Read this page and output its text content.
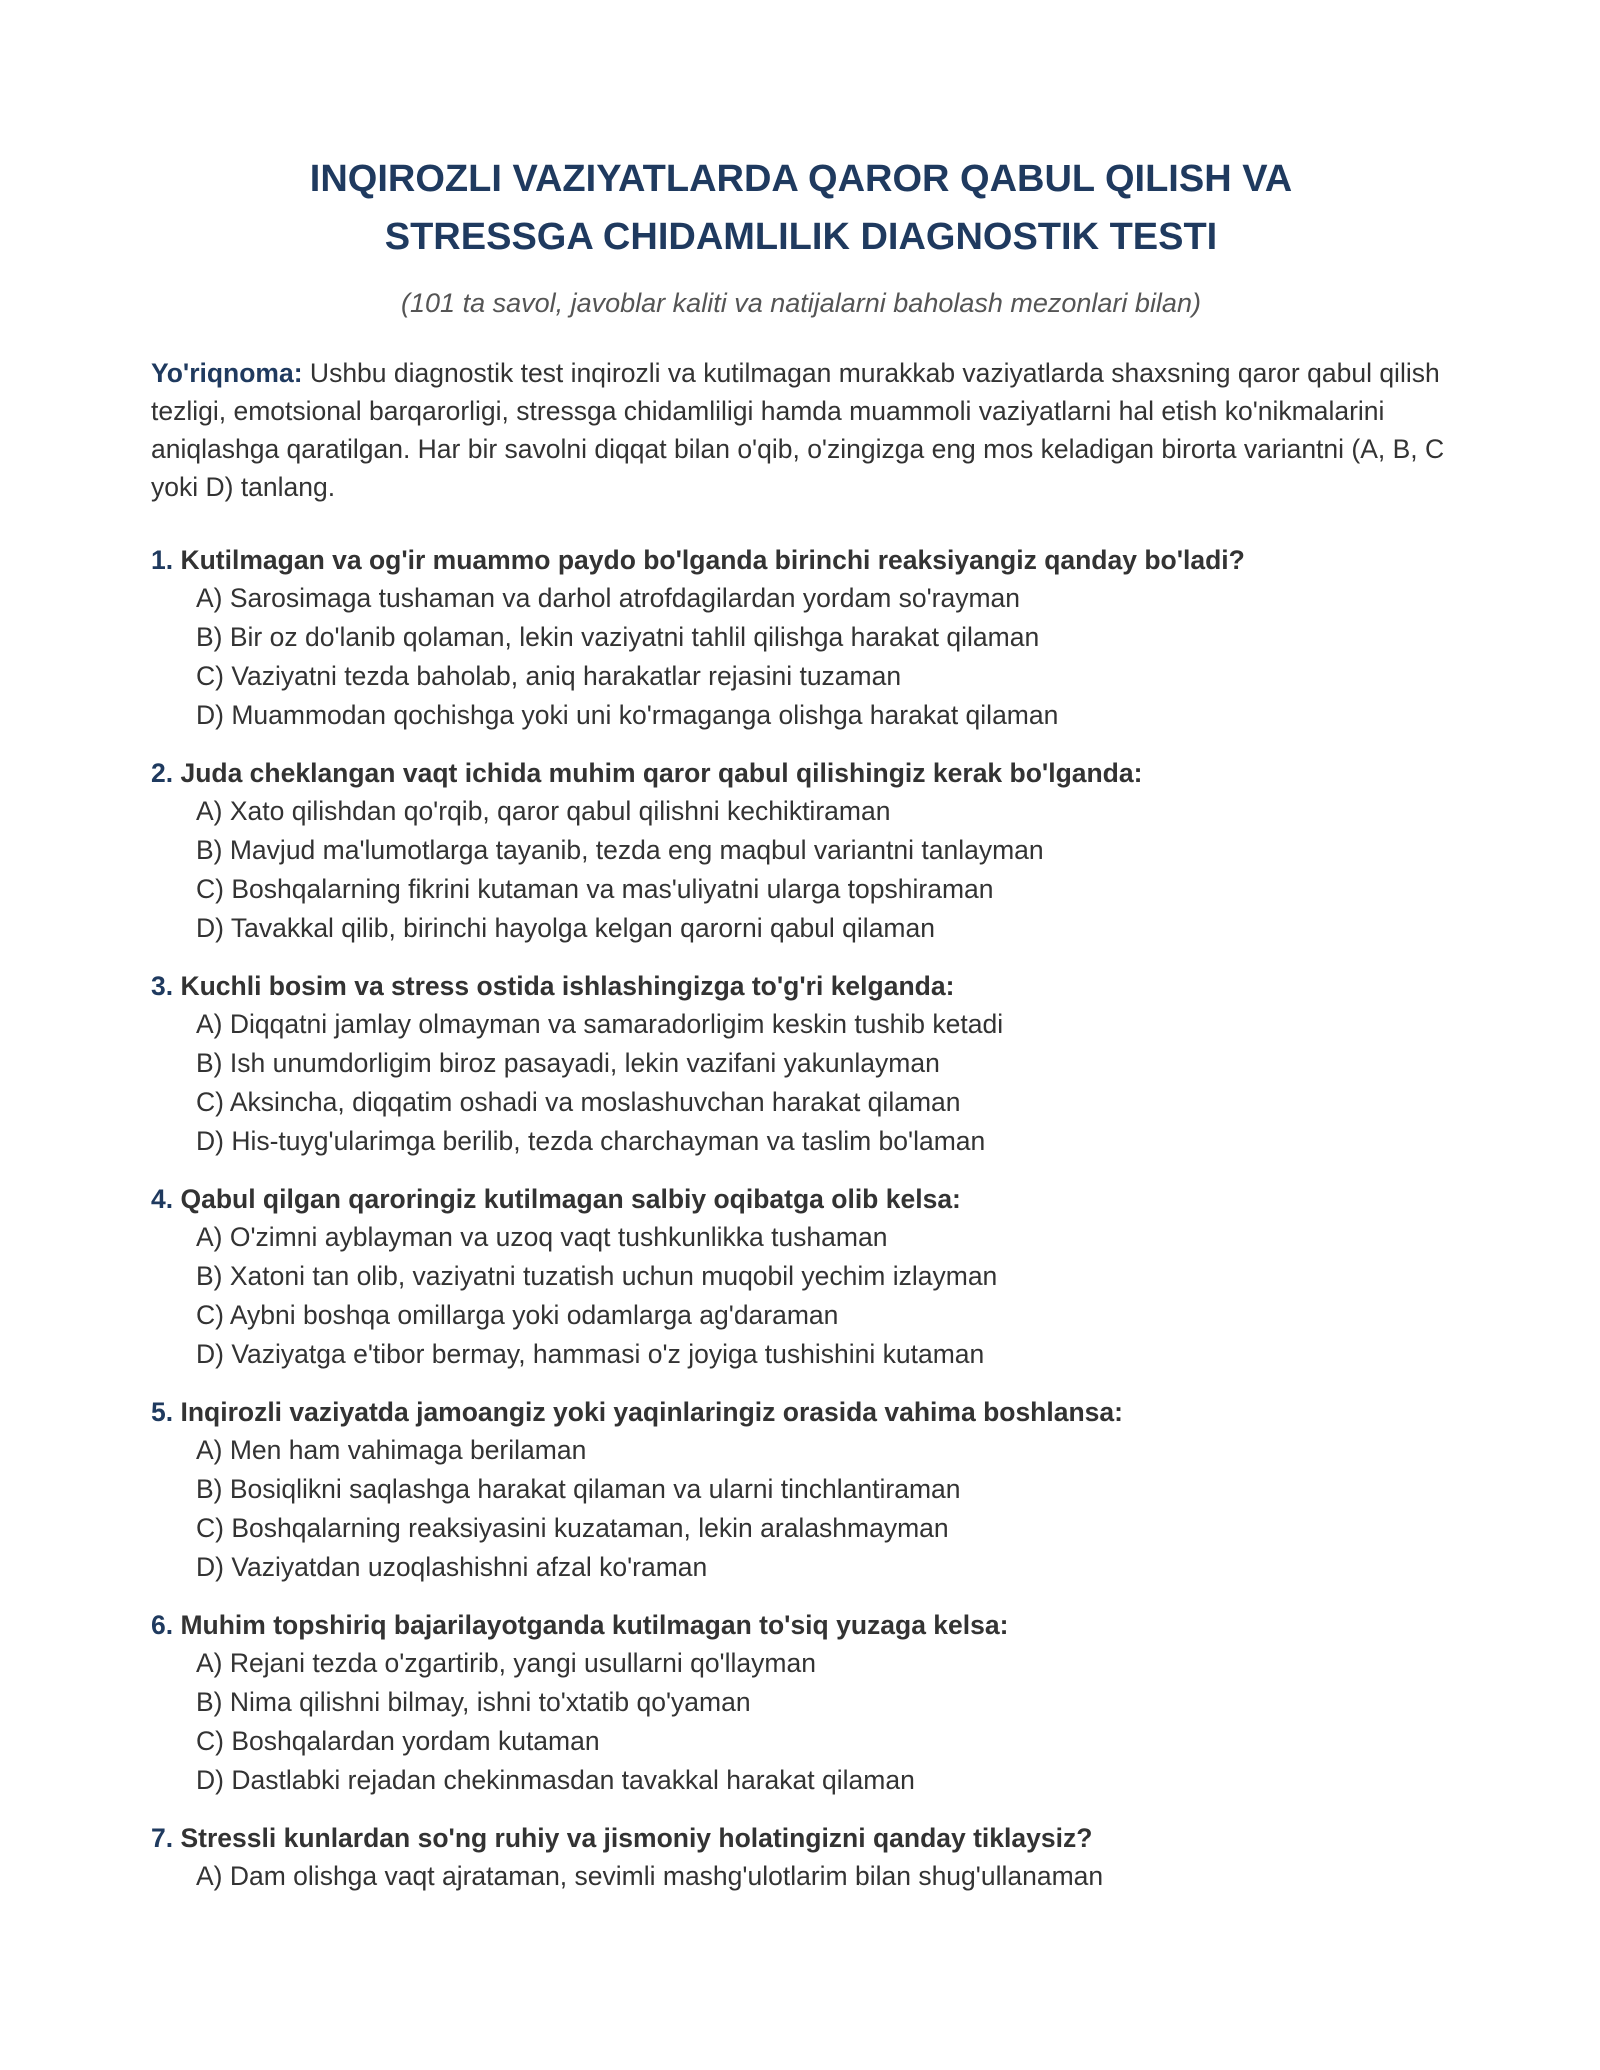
INQIROZLI VAZIYATLARDA QAROR QABUL QILISH VA
STRESSGA CHIDAMLILIK DIAGNOSTIK TESTI

(101 ta savol, javoblar kaliti va natijalarni baholash mezonlari bilan)

Yo'riqnoma: Ushbu diagnostik test inqirozli va kutilmagan murakkab vaziyatlarda shaxsning qaror qabul qilish tezligi, emotsional barqarorligi, stressga chidamliligi hamda muammoli vaziyatlarni hal etish ko'nikmalarini aniqlashga qaratilgan. Har bir savolni diqqat bilan o'qib, o'zingizga eng mos keladigan birorta variantni (A, B, C yoki D) tanlang.

1. Kutilmagan va og'ir muammo paydo bo'lganda birinchi reaksiyangiz qanday bo'ladi?
A) Sarosimaga tushaman va darhol atrofdagilardan yordam so'rayman
B) Bir oz do'lanib qolaman, lekin vaziyatni tahlil qilishga harakat qilaman
C) Vaziyatni tezda baholab, aniq harakatlar rejasini tuzaman
D) Muammodan qochishga yoki uni ko'rmaganga olishga harakat qilaman
2. Juda cheklangan vaqt ichida muhim qaror qabul qilishingiz kerak bo'lganda:
A) Xato qilishdan qo'rqib, qaror qabul qilishni kechiktiraman
B) Mavjud ma'lumotlarga tayanib, tezda eng maqbul variantni tanlayman
C) Boshqalarning fikrini kutaman va mas'uliyatni ularga topshiraman
D) Tavakkal qilib, birinchi hayolga kelgan qarorni qabul qilaman
3. Kuchli bosim va stress ostida ishlashingizga to'g'ri kelganda:
A) Diqqatni jamlay olmayman va samaradorligim keskin tushib ketadi
B) Ish unumdorligim biroz pasayadi, lekin vazifani yakunlayman
C) Aksincha, diqqatim oshadi va moslashuvchan harakat qilaman
D) His-tuyg'ularimga berilib, tezda charchayman va taslim bo'laman
4. Qabul qilgan qaroringiz kutilmagan salbiy oqibatga olib kelsa:
A) O'zimni ayblayman va uzoq vaqt tushkunlikka tushaman
B) Xatoni tan olib, vaziyatni tuzatish uchun muqobil yechim izlayman
C) Aybni boshqa omillarga yoki odamlarga ag'daraman
D) Vaziyatga e'tibor bermay, hammasi o'z joyiga tushishini kutaman
5. Inqirozli vaziyatda jamoangiz yoki yaqinlaringiz orasida vahima boshlansa:
A) Men ham vahimaga berilaman
B) Bosiqlikni saqlashga harakat qilaman va ularni tinchlantiraman
C) Boshqalarning reaksiyasini kuzataman, lekin aralashmayman
D) Vaziyatdan uzoqlashishni afzal ko'raman
6. Muhim topshiriq bajarilayotganda kutilmagan to'siq yuzaga kelsa:
A) Rejani tezda o'zgartirib, yangi usullarni qo'llayman
B) Nima qilishni bilmay, ishni to'xtatib qo'yaman
C) Boshqalardan yordam kutaman
D) Dastlabki rejadan chekinmasdan tavakkal harakat qilaman
7. Stressli kunlardan so'ng ruhiy va jismoniy holatingizni qanday tiklaysiz?
A) Dam olishga vaqt ajrataman, sevimli mashg'ulotlarim bilan shug'ullanaman
